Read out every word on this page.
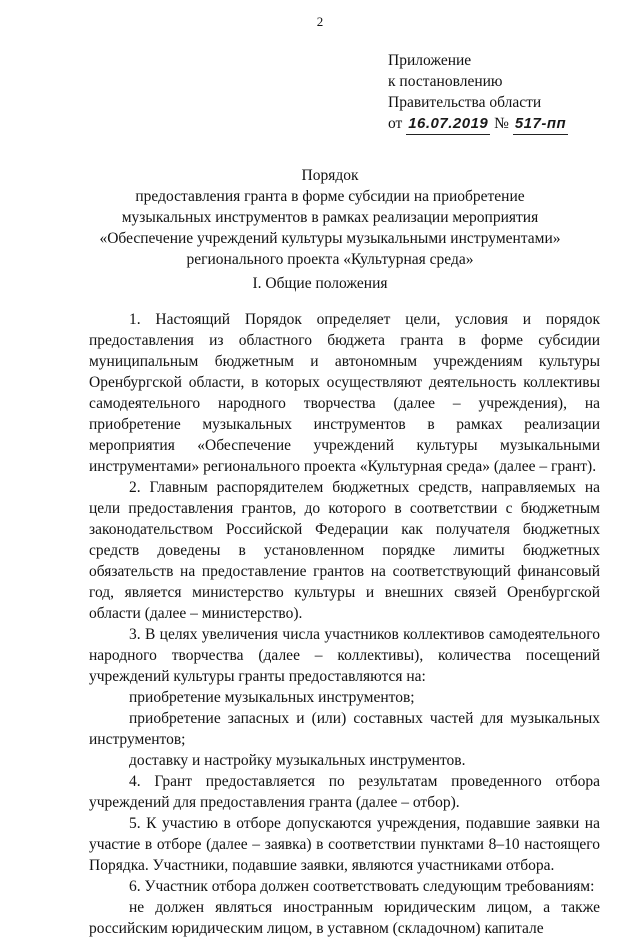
2
Приложение
к постановлению
Правительства области
от 16.07.2019 № 517-пп
Порядок
предоставления гранта в форме субсидии на приобретение
музыкальных инструментов в рамках реализации мероприятия
«Обеспечение учреждений культуры музыкальными инструментами»
регионального проекта «Культурная среда»
I. Общие положения

1. Настоящий Порядок определяет цели, условия и порядок предоставления из областного бюджета гранта в форме субсидии муниципальным бюджетным и автономным учреждениям культуры Оренбургской области, в которых осуществляют деятельность коллективы самодеятельного народного творчества (далее – учреждения), на приобретение музыкальных инструментов в рамках реализации мероприятия «Обеспечение учреждений культуры музыкальными инструментами» регионального проекта «Культурная среда» (далее – грант).

2. Главным распорядителем бюджетных средств, направляемых на цели предоставления грантов, до которого в соответствии с бюджетным законодательством Российской Федерации как получателя бюджетных средств доведены в установленном порядке лимиты бюджетных обязательств на предоставление грантов на соответствующий финансовый год, является министерство культуры и внешних связей Оренбургской области (далее – министерство).

3. В целях увеличения числа участников коллективов самодеятельного народного творчества (далее – коллективы), количества посещений учреждений культуры гранты предоставляются на:

приобретение музыкальных инструментов;

приобретение запасных и (или) составных частей для музыкальных инструментов;

доставку и настройку музыкальных инструментов.

4. Грант предоставляется по результатам проведенного отбора учреждений для предоставления гранта (далее – отбор).

5. К участию в отборе допускаются учреждения, подавшие заявки на участие в отборе (далее – заявка) в соответствии пунктами 8–10 настоящего Порядка. Участники, подавшие заявки, являются участниками отбора.

6. Участник отбора должен соответствовать следующим требованиям:

не должен являться иностранным юридическим лицом, а также российским юридическим лицом, в уставном (складочном) капитале
